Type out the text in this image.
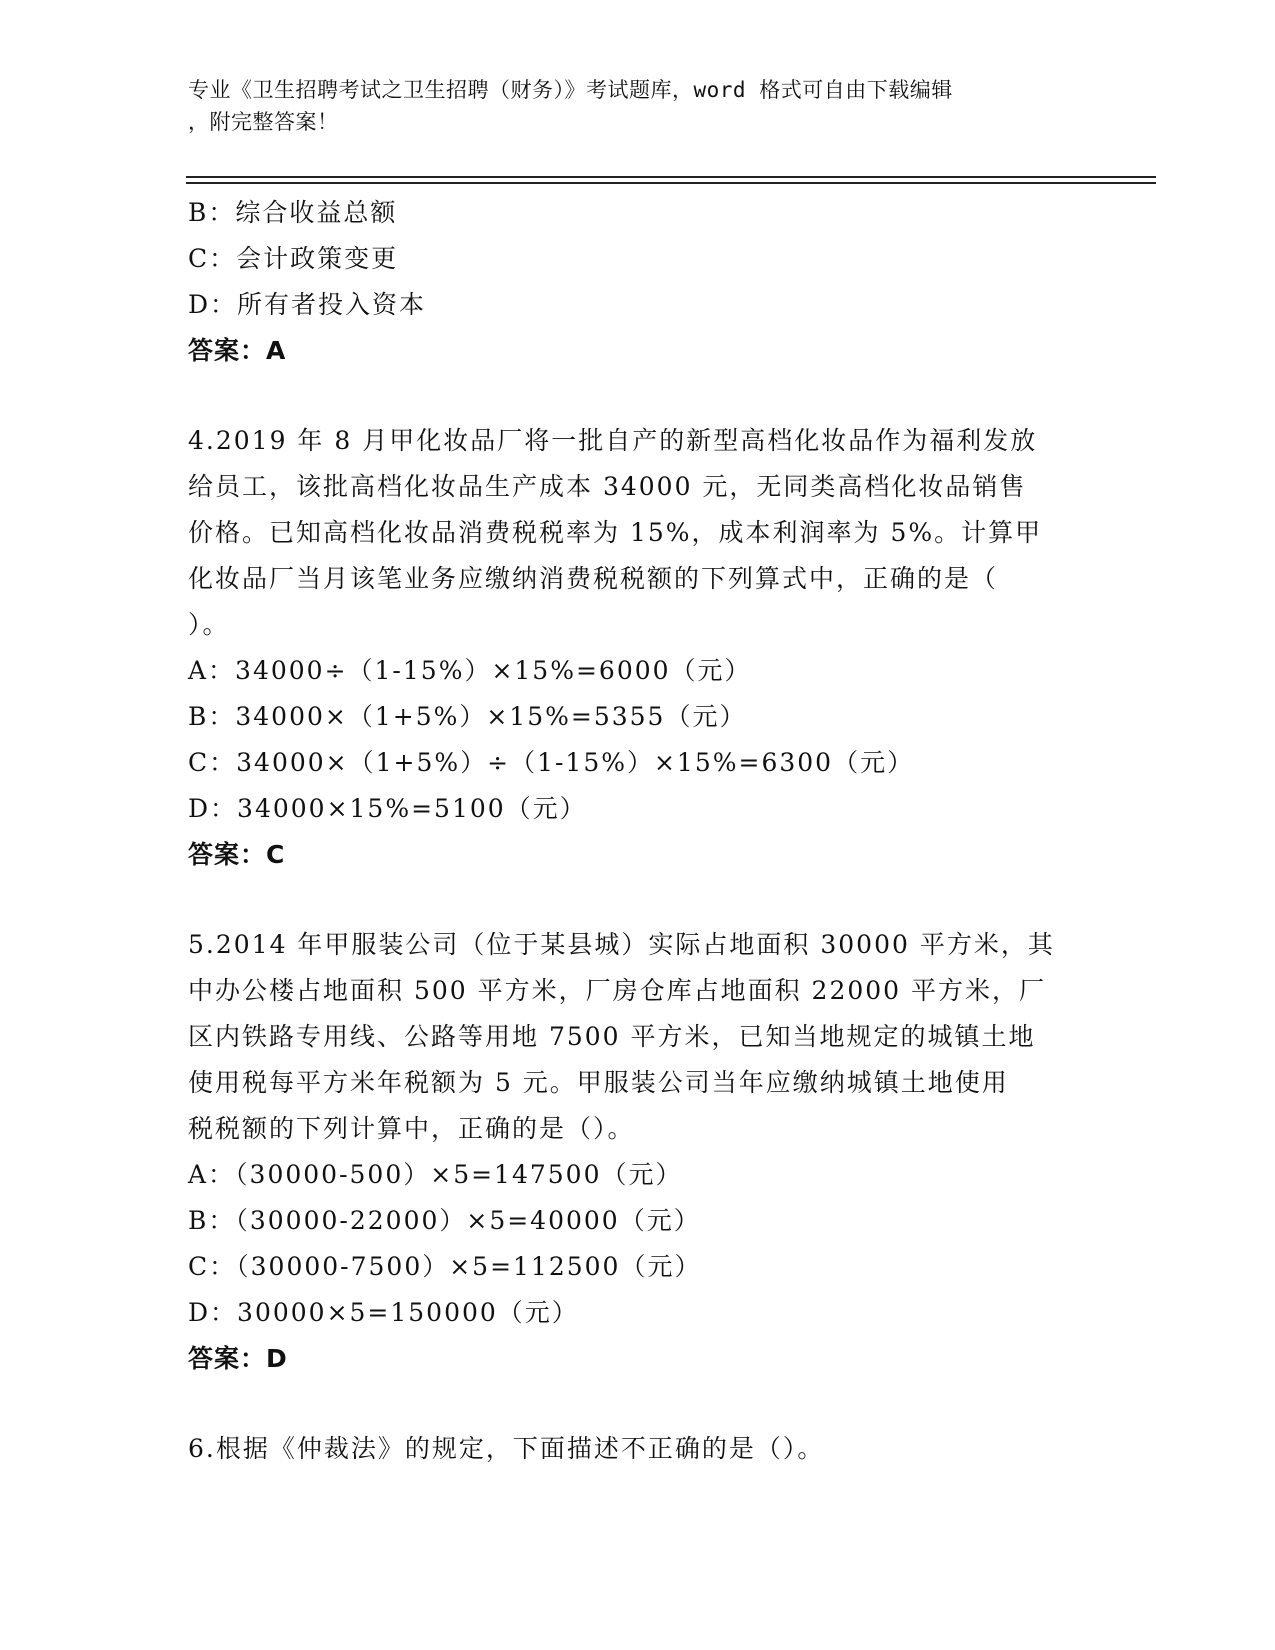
专业《卫生招聘考试之卫生招聘（财务）》考试题库，word 格式可自由下载编辑
，附完整答案！
B：综合收益总额
C：会计政策变更
D：所有者投入资本
答案：A
4.2019 年 8 月甲化妆品厂将一批自产的新型高档化妆品作为福利发放
给员工，该批高档化妆品生产成本 34000 元，无同类高档化妆品销售
价格。已知高档化妆品消费税税率为 15%，成本利润率为 5%。计算甲
化妆品厂当月该笔业务应缴纳消费税税额的下列算式中，正确的是（
）。
A：34000÷（1-15%）×15%=6000（元）
B：34000×（1+5%）×15%=5355（元）
C：34000×（1+5%）÷（1-15%）×15%=6300（元）
D：34000×15%=5100（元）
答案：C
5.2014 年甲服装公司（位于某县城）实际占地面积 30000 平方米，其
中办公楼占地面积 500 平方米，厂房仓库占地面积 22000 平方米，厂
区内铁路专用线、公路等用地 7500 平方米，已知当地规定的城镇土地
使用税每平方米年税额为 5 元。甲服装公司当年应缴纳城镇土地使用
税税额的下列计算中，正确的是（）。
A：（30000-500）×5=147500（元）
B：（30000-22000）×5=40000（元）
C：（30000-7500）×5=112500（元）
D：30000×5=150000（元）
答案：D
6.根据《仲裁法》的规定，下面描述不正确的是（）。
